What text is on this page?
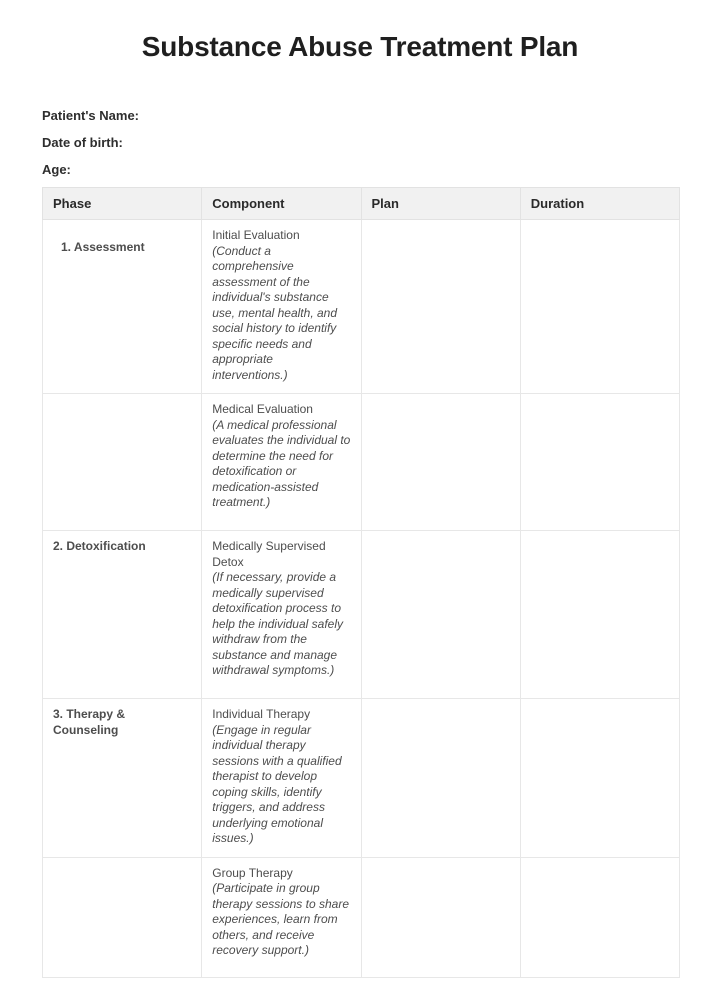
Substance Abuse Treatment Plan
Patient's Name:
Date of birth:
Age:
Phase	Component	Plan	Duration
1. Assessment	Initial Evaluation
(Conduct a comprehensive assessment of the individual's substance use, mental health, and social history to identify specific needs and appropriate interventions.)		

	Medical Evaluation
(A medical professional evaluates the individual to determine the need for detoxification or medication-assisted treatment.)		

2. Detoxification	Medically Supervised Detox
(If necessary, provide a medically supervised detoxification process to help the individual safely withdraw from the substance and manage withdrawal symptoms.)		

3. Therapy & Counseling	Individual Therapy
(Engage in regular individual therapy sessions with a qualified therapist to develop coping skills, identify triggers, and address underlying emotional issues.)		

	Group Therapy
(Participate in group therapy sessions to share experiences, learn from others, and receive recovery support.)		
